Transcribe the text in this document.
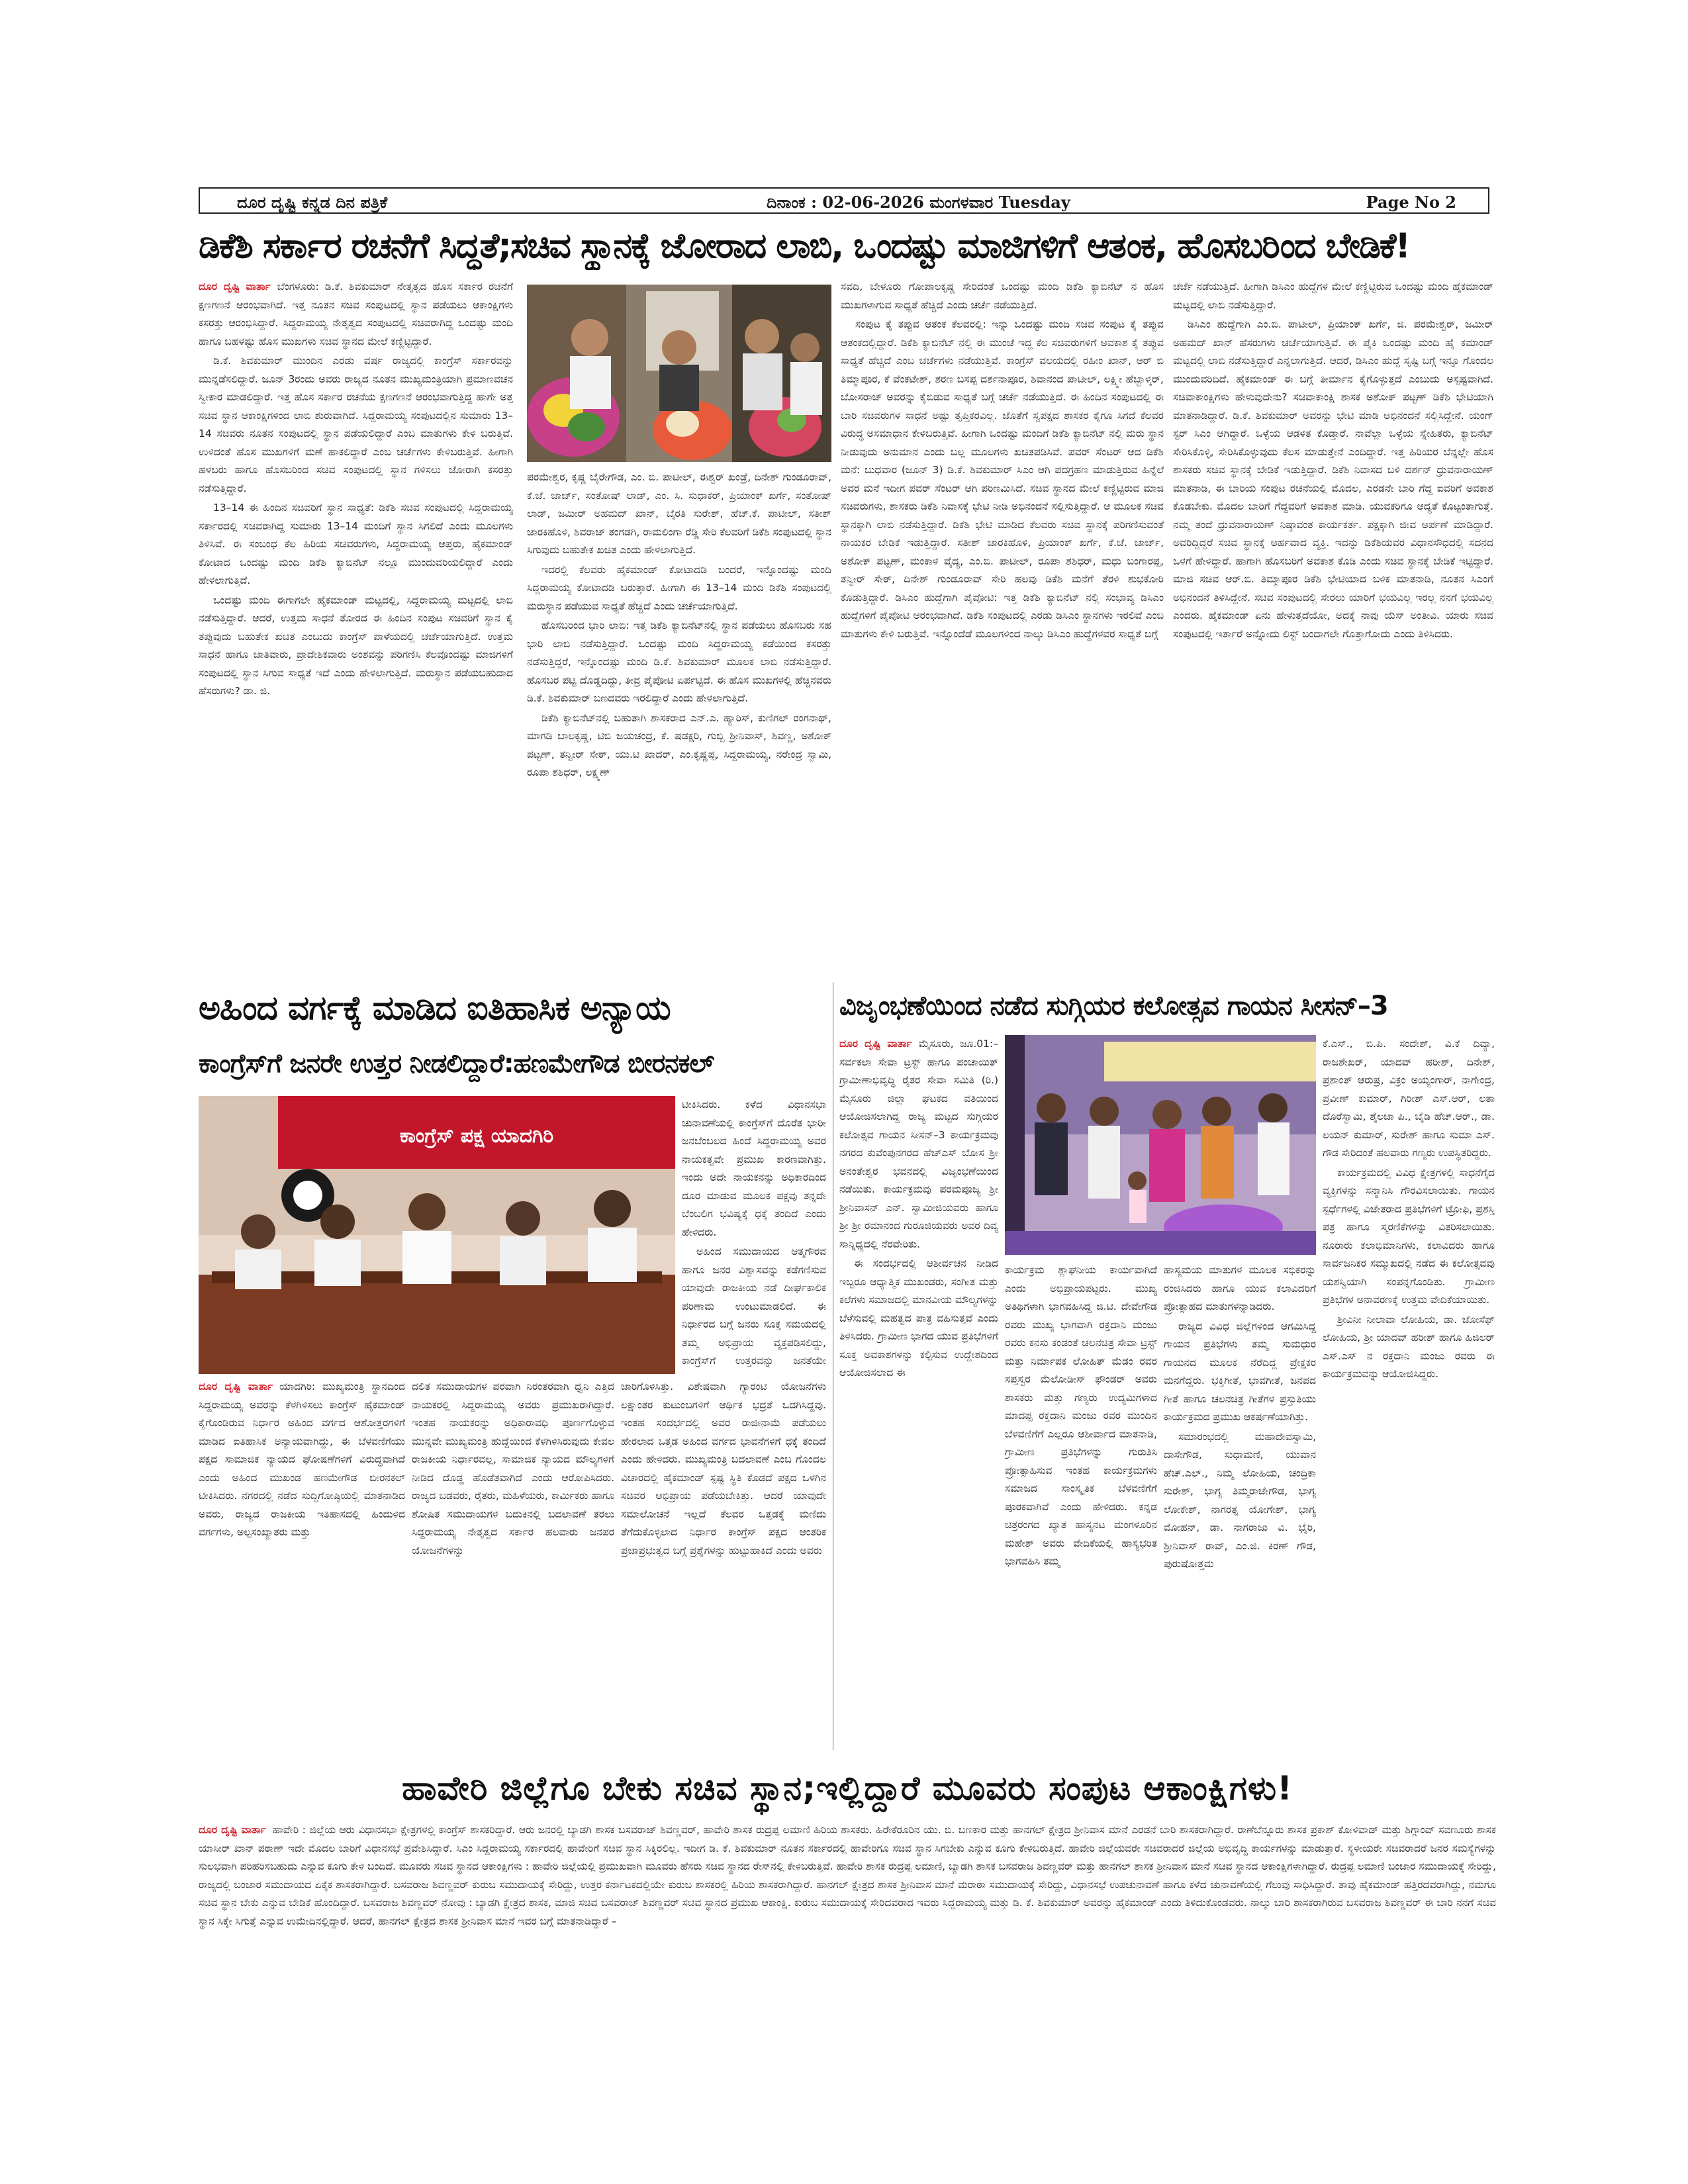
ದೂರ ದೃಷ್ಟಿ ಕನ್ನಡ ದಿನ ಪತ್ರಿಕೆ	ದಿನಾಂಕ : 02-06-2026 ಮಂಗಳವಾರ Tuesday	Page No 2
ಡಿಕೆಶಿ ಸರ್ಕಾರ ರಚನೆಗೆ ಸಿದ್ಧತೆ;ಸಚಿವ ಸ್ಥಾನಕ್ಕೆ ಜೋರಾದ ಲಾಬಿ, ಒಂದಷ್ಟು ಮಾಜಿಗಳಿಗೆ ಆತಂಕ, ಹೊಸಬರಿಂದ ಬೇಡಿಕೆ!

ದೂರ ದೃಷ್ಟಿ ವಾರ್ತಾ ಬೆಂಗಳೂರು: ಡಿ.ಕೆ. ಶಿವಕುಮಾರ್ ನೇತೃತ್ವದ ಹೊಸ ಸರ್ಕಾರ ರಚನೆಗೆ ಕ್ಷಣಗಣನೆ ಆರಂಭವಾಗಿದೆ. ಇತ್ತ ನೂತನ ಸಚಿವ ಸಂಪುಟದಲ್ಲಿ ಸ್ಥಾನ ಪಡೆಯಲು ಆಕಾಂಕ್ಷಿಗಳು ಕಸರತ್ತು ಆರಂಭಿಸಿದ್ದಾರೆ. ಸಿದ್ದರಾಮಯ್ಯ ನೇತೃತ್ವದ ಸಂಪುಟದಲ್ಲಿ ಸಚಿವರಾಗಿದ್ದ ಒಂದಷ್ಟು ಮಂದಿ ಹಾಗೂ ಬಹಳಷ್ಟು ಹೊಸ ಮುಖಗಳು ಸಚಿವ ಸ್ಥಾನದ ಮೇಲೆ ಕಣ್ಣಿಟ್ಟಿದ್ದಾರೆ.

ಡಿ.ಕೆ. ಶಿವಕುಮಾರ್ ಮುಂದಿನ ಎರಡು ವರ್ಷ ರಾಜ್ಯದಲ್ಲಿ ಕಾಂಗ್ರೆಸ್ ಸರ್ಕಾರವನ್ನು ಮುನ್ನಡೆಸಲಿದ್ದಾರೆ. ಜೂನ್ 3ರಂದು ಅವರು ರಾಜ್ಯದ ನೂತನ ಮುಖ್ಯಮಂತ್ರಿಯಾಗಿ ಪ್ರಮಾಣವಚನ ಸ್ವೀಕಾರ ಮಾಡಲಿದ್ದಾರೆ. ಇತ್ತ ಹೊಸ ಸರ್ಕಾರ ರಚನೆಯ ಕ್ಷಣಗಣನೆ ಆರಂಭವಾಗುತ್ತಿದ್ದ ಹಾಗೇ ಅತ್ತ ಸಚಿವ ಸ್ಥಾನ ಆಕಾಂಕ್ಷಿಗಳಿಂದ ಲಾಬಿ ಶುರುವಾಗಿದೆ. ಸಿದ್ದರಾಮಯ್ಯ ಸಂಪುಟದಲ್ಲಿನ ಸುಮಾರು 13–14 ಸಚಿವರು ನೂತನ ಸಂಪುಟದಲ್ಲಿ ಸ್ಥಾನ ಪಡೆಯಲಿದ್ದಾರೆ ಎಂಬ ಮಾತುಗಳು ಕೇಳಿ ಬರುತ್ತಿವೆ. ಉಳಿದಂತೆ ಹೊಸ ಮುಖಗಳಿಗೆ ಮಣೆ ಹಾಕಲಿದ್ದಾರೆ ಎಂಬ ಚರ್ಚೆಗಳು ಕೇಳಿಬರುತ್ತಿವೆ. ಹೀಗಾಗಿ ಹಳಬರು ಹಾಗೂ ಹೊಸಬರಿಂದ ಸಚಿವ ಸಂಪುಟದಲ್ಲಿ ಸ್ಥಾನ ಗಳಿಸಲು ಜೋರಾಗಿ ಕಸರತ್ತು ನಡೆಸುತ್ತಿದ್ದಾರೆ.

13–14 ಈ ಹಿಂದಿನ ಸಚಿವರಿಗೆ ಸ್ಥಾನ ಸಾಧ್ಯತೆ: ಡಿಕೆಶಿ ಸಚಿವ ಸಂಪುಟದಲ್ಲಿ ಸಿದ್ದರಾಮಯ್ಯ ಸರ್ಕಾರದಲ್ಲಿ ಸಚಿವರಾಗಿದ್ದ ಸುಮಾರು 13–14 ಮಂದಿಗೆ ಸ್ಥಾನ ಸಿಗಲಿದೆ ಎಂದು ಮೂಲಗಳು ತಿಳಿಸಿವೆ. ಈ ಸಂಬಂಧ ಕೆಲ ಹಿರಿಯ ಸಚಿವರುಗಳು, ಸಿದ್ದರಾಮಯ್ಯ ಆಪ್ತರು, ಹೈಕಮಾಂಡ್ ಕೋಟಾದ ಒಂದಷ್ಟು ಮಂದಿ ಡಿಕೆಶಿ ಕ್ಯಾಬಿನೆಟ್ ನಲ್ಲೂ ಮುಂದುವರಿಯಲಿದ್ದಾರೆ ಎಂದು ಹೇಳಲಾಗುತ್ತಿದೆ.

ಒಂದಷ್ಟು ಮಂದಿ ಈಗಾಗಲೇ ಹೈಕಮಾಂಡ್ ಮಟ್ಟದಲ್ಲಿ, ಸಿದ್ದರಾಮಯ್ಯ ಮಟ್ಟದಲ್ಲಿ ಲಾಬಿ ನಡೆಸುತ್ತಿದ್ದಾರೆ. ಆದರೆ, ಉತ್ತಮ ಸಾಧನೆ ತೋರದ ಈ ಹಿಂದಿನ ಸಂಪುಟ ಸಚಿವರಿಗೆ ಸ್ಥಾನ ಕೈ ತಪ್ಪುವುದು ಬಹುತೇಕ ಖಚಿತ ಎಂಬುದು ಕಾಂಗ್ರೆಸ್ ಪಾಳೆಯದಲ್ಲಿ ಚರ್ಚೆಯಾಗುತ್ತಿದೆ. ಉತ್ತಮ ಸಾಧನೆ ಹಾಗೂ ಜಾತಿವಾರು, ಪ್ರಾದೇಶಿಕವಾರು ಅಂಶವನ್ನು ಪರಿಗಣಿಸಿ ಕೆಲವೊಂದಷ್ಟು ಮಾಜಿಗಳಿಗೆ ಸಂಪುಟದಲ್ಲಿ ಸ್ಥಾನ ಸಿಗುವ ಸಾಧ್ಯತೆ ಇದೆ ಎಂದು ಹೇಳಲಾಗುತ್ತಿದೆ. ಮರುಸ್ಥಾನ ಪಡೆಯಬಹುದಾದ ಹೆಸರುಗಳು? ಡಾ. ಜಿ.

ಪರಮೇಶ್ವರ, ಕೃಷ್ಣ ಬೈರೇಗೌಡ, ಎಂ. ಬಿ. ಪಾಟೀಲ್, ಈಶ್ವರ್ ಖಂಡ್ರೆ, ದಿನೇಶ್ ಗುಂಡೂರಾವ್, ಕೆ.ಜೆ. ಜಾರ್ಜ್, ಸಂತೋಷ್ ಲಾಡ್, ಎಂ. ಸಿ. ಸುಧಾಕರ್, ಪ್ರಿಯಾಂಕ್ ಖರ್ಗೆ, ಸಂತೋಷ್ ಲಾಡ್, ಜಮೀರ್ ಅಹಮದ್ ಖಾನ್, ಬೈರತಿ ಸುರೇಶ್, ಹೆಚ್.ಕೆ. ಪಾಟೀಲ್, ಸತೀಶ್ ಜಾರಕಿಹೊಳಿ, ಶಿವರಾಜ್ ತಂಗಡಗಿ, ರಾಮಲಿಂಗಾ ರೆಡ್ಡಿ ಸೇರಿ ಕೆಲವರಿಗೆ ಡಿಕೆಶಿ ಸಂಪುಟದಲ್ಲಿ ಸ್ಥಾನ ಸಿಗುವುದು ಬಹುತೇಕ ಖಚಿತ ಎಂದು ಹೇಳಲಾಗುತ್ತಿದೆ.

ಇದರಲ್ಲಿ ಕೆಲವರು ಹೈಕಮಾಂಡ್ ಕೋಟಾದಡಿ ಬಂದರೆ, ಇನ್ನೊಂದಷ್ಟು ಮಂದಿ ಸಿದ್ದರಾಮಯ್ಯ ಕೋಟಾದಡಿ ಬರುತ್ತಾರೆ. ಹೀಗಾಗಿ ಈ 13–14 ಮಂದಿ ಡಿಕೆಶಿ ಸಂಪುಟದಲ್ಲಿ ಮರುಸ್ಥಾನ ಪಡೆಯುವ ಸಾಧ್ಯತೆ ಹೆಚ್ಚಿದೆ ಎಂದು ಚರ್ಚೆಯಾಗುತ್ತಿದೆ.

ಹೊಸಬರಿಂದ ಭಾರಿ ಲಾಬಿ: ಇತ್ತ ಡಿಕೆಶಿ ಕ್ಯಾಬಿನೆಟ್‌ನಲ್ಲಿ ಸ್ಥಾನ ಪಡೆಯಲು ಹೊಸಬರು ಸಹ ಭಾರಿ ಲಾಬಿ ನಡೆಸುತ್ತಿದ್ದಾರೆ. ಒಂದಷ್ಟು ಮಂದಿ ಸಿದ್ದರಾಮಯ್ಯ ಕಡೆಯಿಂದ ಕಸರತ್ತು ನಡೆಸುತ್ತಿದ್ದರೆ, ಇನ್ನೊಂದಷ್ಟು ಮಂದಿ ಡಿ.ಕೆ. ಶಿವಕುಮಾರ್ ಮೂಲಕ ಲಾಬಿ ನಡೆಸುತ್ತಿದ್ದಾರೆ. ಹೊಸಬರ ಪಟ್ಟಿ ದೊಡ್ಡದಿದ್ದು, ತೀವ್ರ ಪೈಪೋಟಿ ಏರ್ಪಟ್ಟಿದೆ. ಈ ಹೊಸ ಮುಖಗಳಲ್ಲಿ ಹೆಚ್ಚಿನವರು ಡಿ.ಕೆ. ಶಿವಕುಮಾರ್ ಬಣದವರು ಇರಲಿದ್ದಾರೆ ಎಂದು ಹೇಳಲಾಗುತ್ತಿದೆ.

ಡಿಕೆಶಿ ಕ್ಯಾಬಿನೆಟ್‌ನಲ್ಲಿ ಬಹುತಾಗಿ ಶಾಸಕರಾದ ಎನ್.ಎ. ಹ್ಯಾರಿಸ್, ಕುಣಿಗಲ್ ರಂಗನಾಥ್, ಮಾಗಡಿ ಬಾಲಕೃಷ್ಣ, ಟಿಬಿ ಜಯಚಂದ್ರ, ಕೆ. ಷಡಕ್ಷರಿ, ಗುಬ್ಬಿ ಶ್ರೀನಿವಾಸ್, ಶಿವಣ್ಣ, ಅಶೋಕ್ ಪಟ್ಟಣ್, ತನ್ವೀರ್ ಸೇಠ್, ಯು.ಟಿ ಖಾದರ್, ಎಂ.ಕೃಷ್ಣಪ್ಪ, ಸಿದ್ದರಾಮಯ್ಯ, ನರೇಂದ್ರ ಸ್ವಾಮಿ, ರೂಪಾ ಶಶಿಧರ್, ಲಕ್ಷ್ಮಣ್

ಸವದಿ, ಬೇಳೂರು ಗೋಪಾಲಕೃಷ್ಣ ಸೇರಿದಂತೆ ಒಂದಷ್ಟು ಮಂದಿ ಡಿಕೆಶಿ ಕ್ಯಾಬಿನೆಟ್ ನ ಹೊಸ ಮುಖಗಳಾಗುವ ಸಾಧ್ಯತೆ ಹೆಚ್ಚಿದೆ ಎಂದು ಚರ್ಚೆ ನಡೆಯುತ್ತಿದೆ.

ಸಂಪುಟ ಕೈ ತಪ್ಪುವ ಆತಂಕ ಕೆಲವರಲ್ಲಿ: ಇನ್ನು ಒಂದಷ್ಟು ಮಂದಿ ಸಚಿವ ಸಂಪುಟ ಕೈ ತಪ್ಪುವ ಆತಂಕದಲ್ಲಿದ್ದಾರೆ. ಡಿಕೆಶಿ ಕ್ಯಾಬಿನೆಟ್ ನಲ್ಲಿ ಈ ಮುಂಚೆ ಇದ್ದ ಕೆಲ ಸಚಿವರುಗಳಿಗೆ ಅವಕಾಶ ಕೈ ತಪ್ಪುವ ಸಾಧ್ಯತೆ ಹೆಚ್ಚಿದೆ ಎಂಬ ಚರ್ಚೆಗಳು ನಡೆಯುತ್ತಿವೆ. ಕಾಂಗ್ರೆಸ್ ವಲಯದಲ್ಲಿ ರಹೀಂ ಖಾನ್, ಆರ್ ಬಿ ತಿಮ್ಮಾಪೂರ, ಕೆ ವೆಂಕಟೇಶ್, ಶರಣ ಬಸಪ್ಪ ದರ್ಶನಾಪೂರ, ಶಿವಾನಂದ ಪಾಟೀಲ್, ಲಕ್ಷ್ಮೀ ಹೆಬ್ಬಾಳ್ಕರ್, ಬೋಸರಾಜ್ ಅವರನ್ನು ಕೈಬಿಡುವ ಸಾಧ್ಯತೆ ಬಗ್ಗೆ ಚರ್ಚೆ ನಡೆಯುತ್ತಿದೆ. ಈ ಹಿಂದಿನ ಸಂಪುಟದಲ್ಲಿ ಈ ಬಾರಿ ಸಚಿವರುಗಳ ಸಾಧನೆ ಅಷ್ಟು ತೃಪ್ತಿಕರವಿಲ್ಲ. ಜೊತೆಗೆ ಸ್ವಪಕ್ಷದ ಶಾಸಕರ ಕೈಗೂ ಸಿಗದೆ ಕೆಲವರ ವಿರುದ್ಧ ಅಸಮಾಧಾನ ಕೇಳಿಬರುತ್ತಿವೆ. ಹೀಗಾಗಿ ಒಂದಷ್ಟು ಮಂದಿಗೆ ಡಿಕೆಶಿ ಕ್ಯಾಬಿನೆಟ್ ನಲ್ಲಿ ಮರು ಸ್ಥಾನ ನೀಡುವುದು ಅನುಮಾನ ಎಂದು ಬಲ್ಲ ಮೂಲಗಳು ಖಚಿತಪಡಿಸಿವೆ. ಪವರ್ ಸೆಂಟರ್ ಆದ ಡಿಕೆಶಿ ಮನೆ: ಬುಧವಾರ (ಜೂನ್ 3) ಡಿ.ಕೆ. ಶಿವಕುಮಾರ್ ಸಿಎಂ ಆಗಿ ಪದಗ್ರಹಣ ಮಾಡುತ್ತಿರುವ ಹಿನ್ನೆಲೆ ಅವರ ಮನೆ ಇದೀಗ ಪವರ್ ಸೆಂಟರ್ ಆಗಿ ಪರಿಣಮಿಸಿದೆ. ಸಚಿವ ಸ್ಥಾನದ ಮೇಲೆ ಕಣ್ಣಿಟ್ಟಿರುವ ಮಾಜಿ ಸಚಿವರುಗಳು, ಶಾಸಕರು ಡಿಕೆಶಿ ನಿವಾಸಕ್ಕೆ ಭೇಟಿ ನೀಡಿ ಅಭಿನಂದನೆ ಸಲ್ಲಿಸುತ್ತಿದ್ದಾರೆ. ಆ ಮೂಲಕ ಸಚಿವ ಸ್ಥಾನಕ್ಕಾಗಿ ಲಾಬಿ ನಡೆಸುತ್ತಿದ್ದಾರೆ. ಡಿಕೆಶಿ ಭೇಟಿ ಮಾಡಿದ ಕೆಲವರು ಸಚಿವ ಸ್ಥಾನಕ್ಕೆ ಪರಿಗಣಿಸುವಂತೆ ನಾಯಕರ ಬೇಡಿಕೆ ಇಡುತ್ತಿದ್ದಾರೆ. ಸತೀಶ್ ಜಾರಕಿಹೊಳಿ, ಪ್ರಿಯಾಂಕ್ ಖರ್ಗೆ, ಕೆ.ಜೆ. ಜಾರ್ಜ್, ಅಶೋಕ್ ಪಟ್ಟಣ್, ಮಂಕಾಳ ವೈದ್ಯ, ಎಂ.ಬಿ. ಪಾಟೀಲ್, ರೂಪಾ ಶಶಿಧರ್, ಮಧು ಬಂಗಾರಪ್ಪ, ತನ್ವೀರ್ ಸೇಠ್, ದಿನೇಶ್ ಗುಂಡೂರಾವ್ ಸೇರಿ ಹಲವು ಡಿಕೆಶಿ ಮನೆಗೆ ತೆರಳಿ ಶುಭಕೋರಿ ಕೊಡುತ್ತಿದ್ದಾರೆ. ಡಿಸಿಎಂ ಹುದ್ದೆಗಾಗಿ ಪೈಪೋಟಿ: ಇತ್ತ ಡಿಕೆಶಿ ಕ್ಯಾಬಿನೆಟ್ ನಲ್ಲಿ ಸಂಭಾವ್ಯ ಡಿಸಿಎಂ ಹುದ್ದೆಗಳಿಗೆ ಪೈಪೋಟಿ ಆರಂಭವಾಗಿದೆ. ಡಿಕೆಶಿ ಸಂಪುಟದಲ್ಲಿ ಎರಡು ಡಿಸಿಎಂ ಸ್ಥಾನಗಳು ಇರಲಿವೆ ಎಂಬ ಮಾತುಗಳು ಕೇಳಿ ಬರುತ್ತಿವೆ. ಇನ್ನೊಂದೆಡೆ ಮೂಲಗಳಿಂದ ನಾಲ್ಕು ಡಿಸಿಎಂ ಹುದ್ದೆಗಳವರ ಸಾಧ್ಯತೆ ಬಗ್ಗೆ

ಚರ್ಚೆ ನಡೆಯುತ್ತಿದೆ. ಹೀಗಾಗಿ ಡಿಸಿಎಂ ಹುದ್ದೆಗಳ ಮೇಲೆ ಕಣ್ಣಿಟ್ಟಿರುವ ಒಂದಷ್ಟು ಮಂದಿ ಹೈಕಮಾಂಡ್ ಮಟ್ಟದಲ್ಲಿ ಲಾಬಿ ನಡೆಸುತ್ತಿದ್ದಾರೆ.

ಡಿಸಿಎಂ ಹುದ್ದೆಗಾಗಿ ಎಂ.ಬಿ. ಪಾಟೀಲ್, ಪ್ರಿಯಾಂಕ್ ಖರ್ಗೆ, ಜಿ. ಪರಮೇಶ್ವರ್, ಜಮೀರ್ ಅಹಮದ್ ಖಾನ್ ಹೆಸರುಗಳು ಚರ್ಚೆಯಾಗುತ್ತಿವೆ. ಈ ಪೈಕಿ ಒಂದಷ್ಟು ಮಂದಿ ಹೈ ಕಮಾಂಡ್ ಮಟ್ಟದಲ್ಲಿ ಲಾಬಿ ನಡೆಸುತ್ತಿದ್ದಾರೆ ಎನ್ನಲಾಗುತ್ತಿದೆ. ಆದರೆ, ಡಿಸಿಎಂ ಹುದ್ದೆ ಸೃಷ್ಟಿ ಬಗ್ಗೆ ಇನ್ನೂ ಗೊಂದಲ ಮುಂದುವರಿದಿದೆ. ಹೈಕಮಾಂಡ್ ಈ ಬಗ್ಗೆ ತೀರ್ಮಾನ ಕೈಗೊಳ್ಳುತ್ತದೆ ಎಂಬುದು ಅಸ್ಪಷ್ಟವಾಗಿದೆ. ಸಚಿವಾಕಾಂಕ್ಷಿಗಳು ಹೇಳುವುದೇನು? ಸಚಿವಾಕಾಂಕ್ಷಿ ಶಾಸಕ ಅಶೋಕ್ ಪಟ್ಟಣ್ ಡಿಕೆಶಿ ಭೇಟಿಯಾಗಿ ಮಾತನಾಡಿದ್ದಾರೆ. ಡಿ.ಕೆ. ಶಿವಕುಮಾರ್ ಅವರನ್ನು ಭೇಟಿ ಮಾಡಿ ಅಭಿನಂದನೆ ಸಲ್ಲಿಸಿದ್ದೇನೆ. ಯಂಗ್ ಸ್ಟರ್ ಸಿಎಂ ಆಗಿದ್ದಾರೆ. ಒಳ್ಳೆಯ ಆಡಳಿತ ಕೊಡ್ತಾರೆ. ನಾವೆಲ್ಲಾ ಒಳ್ಳೆಯ ಸ್ನೇಹಿತರು, ಕ್ಯಾಬಿನೆಟ್ ಸೇರಿಸಿಕೊಳ್ಳಿ, ಸೇರಿಸಿಕೊಳ್ಳುವುದು ಕೆಲಸ ಮಾಡುತ್ತೇನೆ ಎಂದಿದ್ದಾರೆ. ಇತ್ತ ಹಿರಿಯರ ಬೆನ್ನಲ್ಲೇ ಹೊಸ ಶಾಸಕರು ಸಚಿವ ಸ್ಥಾನಕ್ಕೆ ಬೇಡಿಕೆ ಇಡುತ್ತಿದ್ದಾರೆ. ಡಿಕೆಶಿ ನಿವಾಸದ ಬಳಿ ದರ್ಶನ್ ಧ್ರುವನಾರಾಯಣ್ ಮಾತನಾಡಿ, ಈ ಬಾರಿಯ ಸಂಪುಟ ರಚನೆಯಲ್ಲಿ ಮೊದಲ, ಎರಡನೇ ಬಾರಿ ಗೆದ್ದ ಐವರಿಗೆ ಅವಕಾಶ ಕೊಡಬೇಕು. ಮೊದಲ ಬಾರಿಗೆ ಗೆದ್ದವರಿಗೆ ಅವಕಾಶ ಮಾಡಿ. ಯುವಕರಿಗೂ ಆದ್ಯತೆ ಕೊಟ್ಟಂತಾಗುತ್ತೆ. ನಮ್ಮ ತಂದೆ ಧ್ರುವನಾರಾಯಣ್ ನಿಷ್ಠಾವಂತ ಕಾರ್ಯಕರ್ತ. ಪಕ್ಷಕ್ಕಾಗಿ ಜೀವ ಅರ್ಪಣೆ ಮಾಡಿದ್ದಾರೆ. ಅವರಿದ್ದಿದ್ದರೆ ಸಚಿವ ಸ್ಥಾನಕ್ಕೆ ಅರ್ಹವಾದ ವ್ಯಕ್ತಿ. ಇದನ್ನು ಡಿಕೆಶಿಯವರ ವಿಧಾನಸೌಧದಲ್ಲಿ ಸದನದ ಒಳಗೆ ಹೇಳಿದ್ದಾರೆ. ಹಾಗಾಗಿ ಹೊಸಬರಿಗೆ ಅವಕಾಶ ಕೊಡಿ ಎಂದು ಸಚಿವ ಸ್ಥಾನಕ್ಕೆ ಬೇಡಿಕೆ ಇಟ್ಟಿದ್ದಾರೆ. ಮಾಜಿ ಸಚಿವ ಆರ್.ಬಿ. ತಿಮ್ಮಾಪೂರ ಡಿಕೆಶಿ ಭೇಟಿಯಾದ ಬಳಿಕ ಮಾತನಾಡಿ, ನೂತನ ಸಿಎಂಗೆ ಅಭಿನಂದನೆ ತಿಳಿಸಿದ್ದೇನೆ. ಸಚಿವ ಸಂಪುಟದಲ್ಲಿ ಸೇರಲು ಯಾರಿಗೆ ಭಯವಿಲ್ಲ ಇರಲ್ಲ ನನಗೆ ಭಯವಿಲ್ಲ ಎಂದರು. ಹೈಕಮಾಂಡ್ ಏನು ಹೇಳುತ್ತದೆಯೋ, ಅದಕ್ಕೆ ನಾವು ಯೆಸ್ ಅಂತೀವಿ. ಯಾರು ಸಚಿವ ಸಂಪುಟದಲ್ಲಿ ಇರ್ತಾರೆ ಅನ್ನೋದು ಲಿಸ್ಟ್ ಬಂದಾಗಲೇ ಗೊತ್ತಾಗೋದು ಎಂದು ತಿಳಿಸಿದರು.

ಅಹಿಂದ ವರ್ಗಕ್ಕೆ ಮಾಡಿದ ಐತಿಹಾಸಿಕ ಅನ್ಯಾಯ
ಕಾಂಗ್ರೆಸ್‌ಗೆ ಜನರೇ ಉತ್ತರ ನೀಡಲಿದ್ದಾರೆ:ಹಣಮೇಗೌಡ ಬೀರನಕಲ್
ಕಾಂಗ್ರೆಸ್ ಪಕ್ಷ ಯಾದಗಿರಿ

ಟೀಕಿಸಿದರು. ಕಳೆದ ವಿಧಾನಸಭಾ ಚುನಾವಣೆಯಲ್ಲಿ ಕಾಂಗ್ರೆಸ್‌ಗೆ ದೊರೆತ ಭಾರೀ ಜನಬೆಂಬಲದ ಹಿಂದೆ ಸಿದ್ದರಾಮಯ್ಯ ಅವರ ನಾಯಕತ್ವವೇ ಪ್ರಮುಖ ಕಾರಣವಾಗಿತ್ತು. ಇಂದು ಅದೇ ನಾಯಕನನ್ನು ಅಧಿಕಾರದಿಂದ ದೂರ ಮಾಡುವ ಮೂಲಕ ಪಕ್ಷವು ತನ್ನದೇ ಬೆಂಬಲಿಗ ಭವಿಷ್ಯಕ್ಕೆ ಧಕ್ಕೆ ತಂದಿದೆ ಎಂದು ಹೇಳಿದರು.

ಅಹಿಂದ ಸಮುದಾಯದ ಆತ್ಮಗೌರವ ಹಾಗೂ ಜನರ ವಿಶ್ವಾಸವನ್ನು ಕಡೆಗಣಿಸುವ ಯಾವುದೇ ರಾಜಕೀಯ ನಡೆ ದೀರ್ಘಕಾಲಿಕ ಪರಿಣಾಮ ಉಂಟುಮಾಡಲಿದೆ. ಈ ನಿರ್ಧಾರದ ಬಗ್ಗೆ ಜನರು ಸೂಕ್ತ ಸಮಯದಲ್ಲಿ ತಮ್ಮ ಅಭಿಪ್ರಾಯ ವ್ಯಕ್ತಪಡಿಸಲಿದ್ದು, ಕಾಂಗ್ರೆಸ್‌ಗೆ ಉತ್ತರವನ್ನು ಜನತೆಯೇ

ದೂರ ದೃಷ್ಟಿ ವಾರ್ತಾ ಯಾದಗಿರಿ: ಮುಖ್ಯಮಂತ್ರಿ ಸ್ಥಾನದಿಂದ ಸಿದ್ದರಾಮಯ್ಯ ಅವರನ್ನು ಕೆಳಗಿಳಿಸಲು ಕಾಂಗ್ರೆಸ್ ಹೈಕಮಾಂಡ್ ಕೈಗೊಂಡಿರುವ ನಿರ್ಧಾರ ಅಹಿಂದ ವರ್ಗದ ಆಶೋತ್ತರಗಳಿಗೆ ಮಾಡಿದ ಐತಿಹಾಸಿಕ ಅನ್ಯಾಯವಾಗಿದ್ದು, ಈ ಬೆಳವಣಿಗೆಯು ಪಕ್ಷದ ಸಾಮಾಜಿಕ ನ್ಯಾಯದ ಘೋಷಣೆಗಳಿಗೆ ವಿರುದ್ಧವಾಗಿದೆ ಎಂದು ಅಹಿಂದ ಮುಖಂಡ ಹಣಮೇಗೌಡ ಬೀರನಕಲ್ ಟೀಕಿಸಿದರು. ನಗರದಲ್ಲಿ ನಡೆದ ಸುದ್ದಿಗೋಷ್ಠಿಯಲ್ಲಿ ಮಾತನಾಡಿದ ಅವರು, ರಾಜ್ಯದ ರಾಜಕೀಯ ಇತಿಹಾಸದಲ್ಲಿ ಹಿಂದುಳಿದ ವರ್ಗಗಳು, ಅಲ್ಪಸಂಖ್ಯಾತರು ಮತ್ತು

ದಲಿತ ಸಮುದಾಯಗಳ ಪರವಾಗಿ ನಿರಂತರವಾಗಿ ಧ್ವನಿ ಎತ್ತಿದ ನಾಯಕರಲ್ಲಿ ಸಿದ್ದರಾಮಯ್ಯ ಅವರು ಪ್ರಮುಖರಾಗಿದ್ದಾರೆ. ಇಂತಹ ನಾಯಕರನ್ನು ಅಧಿಕಾರಾವಧಿ ಪೂರ್ಣಗೊಳ್ಳುವ ಮುನ್ನವೇ ಮುಖ್ಯಮಂತ್ರಿ ಹುದ್ದೆಯಿಂದ ಕೆಳಗಿಳಿಸಿರುವುದು ಕೇವಲ ರಾಜಕೀಯ ನಿರ್ಧಾರವಲ್ಲ, ಸಾಮಾಜಿಕ ನ್ಯಾಯದ ಮೌಲ್ಯಗಳಿಗೆ ನೀಡಿದ ದೊಡ್ಡ ಹೊಡೆತವಾಗಿದೆ ಎಂದು ಆರೋಪಿಸಿದರು. ರಾಜ್ಯದ ಬಡವರು, ರೈತರು, ಮಹಿಳೆಯರು, ಕಾರ್ಮಿಕರು ಹಾಗೂ ಶೋಷಿತ ಸಮುದಾಯಗಳ ಬದುಕಿನಲ್ಲಿ ಬದಲಾವಣೆ ತರಲು ಸಿದ್ದರಾಮಯ್ಯ ನೇತೃತ್ವದ ಸರ್ಕಾರ ಹಲವಾರು ಜನಪರ ಯೋಜನೆಗಳನ್ನು

ಜಾರಿಗೊಳಿಸಿತ್ತು. ವಿಶೇಷವಾಗಿ ಗ್ಯಾರಂಟಿ ಯೋಜನೆಗಳು ಲಕ್ಷಾಂತರ ಕುಟುಂಬಗಳಿಗೆ ಆರ್ಥಿಕ ಭದ್ರತೆ ಒದಗಿಸಿದ್ದವು. ಇಂತಹ ಸಂದರ್ಭದಲ್ಲಿ ಅವರ ರಾಜೀನಾಮೆ ಪಡೆಯಲು ಹೇರಲಾದ ಒತ್ತಡ ಅಹಿಂದ ವರ್ಗದ ಭಾವನೆಗಳಿಗೆ ಧಕ್ಕೆ ತಂದಿದೆ ಎಂದು ಹೇಳಿದರು. ಮುಖ್ಯಮಂತ್ರಿ ಬದಲಾವಣೆ ಎಂಬ ಗೊಂದಲ ವಿಚಾರದಲ್ಲಿ ಹೈಕಮಾಂಡ್ ಸ್ಪಷ್ಟ ಸ್ಥಿತಿ ಕೊಡದೆ ಪಕ್ಷದ ಒಳಗಿನ ಸಚಿವರ ಅಭಿಪ್ರಾಯ ಪಡೆಯಬೇಕಿತ್ತು. ಆದರೆ ಯಾವುದೇ ಸಮಾಲೋಚನೆ ಇಲ್ಲದೆ ಕೆಲವರ ಒತ್ತಡಕ್ಕೆ ಮಣಿದು ತೆಗೆದುಕೊಳ್ಳಲಾದ ನಿರ್ಧಾರ ಕಾಂಗ್ರೆಸ್ ಪಕ್ಷದ ಆಂತರಿಕ ಪ್ರಜಾಪ್ರಭುತ್ವದ ಬಗ್ಗೆ ಪ್ರಶ್ನೆಗಳನ್ನು ಹುಟ್ಟುಹಾಕಿದೆ ಎಂದು ಅವರು

ವಿಜೃಂಭಣೆಯಿಂದ ನಡೆದ ಸುಗ್ಗಿಯರ ಕಲೋತ್ಸವ ಗಾಯನ ಸೀಸನ್–3

ದೂರ ದೃಷ್ಟಿ ವಾರ್ತಾ ಮೈಸೂರು, ಜೂ.01:– ಸರ್ವಕಲಾ ಸೇವಾ ಟ್ರಸ್ಟ್ ಹಾಗೂ ಪಂಚಾಯಿತ್ ಗ್ರಾಮೀಣಾಭಿವೃದ್ಧಿ ರೈತರ ಸೇವಾ ಸಮಿತಿ (ರಿ.) ಮೈಸೂರು ಜಿಲ್ಲಾ ಘಟಕದ ವತಿಯಿಂದ ಆಯೋಜಿಸಲಾಗಿದ್ದ ರಾಜ್ಯ ಮಟ್ಟದ ಸುಗ್ಗಿಯರ ಕಲೋತ್ಸವ ಗಾಯನ ಸೀಸನ್–3 ಕಾರ್ಯಕ್ರಮವು ನಗರದ ಕುವೆಂಪುನಗರದ ಹೆಚ್‌ಎಸ್ ಬೋಸ ಶ್ರೀ ಅನಂತೇಶ್ವರ ಭವನದಲ್ಲಿ ವಿಜೃಂಭಣೆಯಿಂದ ನಡೆಯಿತು. ಕಾರ್ಯಕ್ರಮವು ಪರಮಪೂಜ್ಯ ಶ್ರೀ ಶ್ರೀನಿವಾಸನ್ ಎನ್. ಸ್ವಾಮೀಜಿಯವರು ಹಾಗೂ ಶ್ರೀ ಶ್ರೀ ರಮಾನಂದ ಗುರೂಜಿಯವರು ಅವರ ದಿವ್ಯ ಸಾನ್ನಿಧ್ಯದಲ್ಲಿ ನೆರವೇರಿತು.

ಈ ಸಂದರ್ಭದಲ್ಲಿ ಆಶೀರ್ವಚನ ನೀಡಿದ ಇಬ್ಬರೂ ಆಧ್ಯಾತ್ಮಿಕ ಮುಖಂಡರು, ಸಂಗೀತ ಮತ್ತು ಕಲೆಗಳು ಸಮಾಜದಲ್ಲಿ ಮಾನವೀಯ ಮೌಲ್ಯಗಳನ್ನು ಬೆಳೆಸುವಲ್ಲಿ ಮಹತ್ವದ ಪಾತ್ರ ವಹಿಸುತ್ತವೆ ಎಂದು ತಿಳಿಸಿದರು. ಗ್ರಾಮೀಣ ಭಾಗದ ಯುವ ಪ್ರತಿಭೆಗಳಿಗೆ ಸೂಕ್ತ ಅವಕಾಶಗಳನ್ನು ಕಲ್ಪಿಸುವ ಉದ್ದೇಶದಿಂದ ಆಯೋಜಿಸಲಾದ ಈ

ಕಾರ್ಯಕ್ರಮ ಶ್ಲಾಘನೀಯ ಕಾರ್ಯವಾಗಿದೆ ಎಂದು ಅಭಿಪ್ರಾಯಪಟ್ಟರು. ಮುಖ್ಯ ಅತಿಥಿಗಳಾಗಿ ಭಾಗವಹಿಸಿದ್ದ ಜಿ.ಟಿ. ದೇವೇಗೌಡ ರವರು ಮುಖ್ಯ ಭಾಗವಾಗಿ ರಕ್ತದಾನಿ ಮಂಜು ರವರು ಕನಸು ಕಂಡಂತೆ ಚಲನಚಿತ್ರ ಸೇವಾ ಟ್ರಸ್ಟ್ ಮತ್ತು ನಿರ್ಮಾಪಕ ಲೋಹಿತ್ ಮೆಡಂ ರವರ ಸಪ್ತಸ್ವರ ಮೆಲೋಡೀಸ್ ಫೌಂಡರ್ ಅವರು ಶಾಸಕರು ಮತ್ತು ಗಣ್ಯರು ಉದ್ಯಮಿಗಳಾದ ಮಾದಪ್ಪ ರಕ್ತದಾನಿ ಮಂಜು ರವರ ಮುಂದಿನ ಬೆಳವಣಿಗೆಗೆ ಎಲ್ಲರೂ ಆಶೀರ್ವಾದ ಮಾತನಾಡಿ, ಗ್ರಾಮೀಣ ಪ್ರತಿಭೆಗಳನ್ನು ಗುರುತಿಸಿ ಪ್ರೋತ್ಸಾಹಿಸುವ ಇಂತಹ ಕಾರ್ಯಕ್ರಮಗಳು ಸಮಾಜದ ಸಾಂಸ್ಕೃತಿಕ ಬೆಳವಣಿಗೆಗೆ ಪೂರಕವಾಗಿವೆ ಎಂದು ಹೇಳಿದರು. ಕನ್ನಡ ಚಿತ್ರರಂಗದ ಖ್ಯಾತ ಹಾಸ್ಯನಟ ಮಂಗಳೂರಿನ ಮಹೇಶ್ ಅವರು ವೇದಿಕೆಯಲ್ಲಿ ಹಾಸ್ಯಭರಿತ ಭಾಗವಹಿಸಿ ತಮ್ಮ

ಹಾಸ್ಯಮಯ ಮಾತುಗಳ ಮೂಲಕ ಸಭಿಕರನ್ನು ರಂಜಿಸಿದರು ಹಾಗೂ ಯುವ ಕಲಾವಿದರಿಗೆ ಪ್ರೋತ್ಸಾಹದ ಮಾತುಗಳನ್ನಾಡಿದರು.

ರಾಜ್ಯದ ವಿವಿಧ ಜಿಲ್ಲೆಗಳಿಂದ ಆಗಮಿಸಿದ್ದ ಗಾಯನ ಪ್ರತಿಭೆಗಳು ತಮ್ಮ ಸುಮಧುರ ಗಾಯನದ ಮೂಲಕ ನೆರೆದಿದ್ದ ಪ್ರೇಕ್ಷಕರ ಮನಗೆದ್ದರು. ಭಕ್ತಿಗೀತೆ, ಭಾವಗೀತೆ, ಜನಪದ ಗೀತೆ ಹಾಗೂ ಚಲನಚಿತ್ರ ಗೀತೆಗಳ ಪ್ರಸ್ತುತಿಯು ಕಾರ್ಯಕ್ರಮದ ಪ್ರಮುಖ ಆಕರ್ಷಣೆಯಾಗಿತ್ತು.

ಸಮಾರಂಭದಲ್ಲಿ ಮಹಾದೇವಸ್ವಾಮಿ, ದಾಸೇಗೌಡ, ಸುಧಾಮಣಿ, ಯುವಾನ ಹೆಚ್.ಎಲ್., ನಿಮ್ಮ ಲೋಹಿಯ, ಚಂದ್ರಿಕಾ ಸುರೇಶ್, ಭಾಗ್ಯ ತಿಮ್ಮರಾಜೇಗೌಡ, ಭಾಗ್ಯ ಲೋಕೇಶ್, ನಾಗರತ್ನ ಯೋಗೇಶ್, ಭಾಗ್ಯ ಮೋಹನ್, ಡಾ. ನಾಗರಾಜು ವಿ. ಭೈರಿ, ಶ್ರೀನಿವಾಸ್ ರಾವ್, ಎಂ.ಜಿ. ಕಿರಣ್ ಗೌಡ, ಪುರುಷೋತ್ತಮ

ಕೆ.ಎಸ್., ಬಿ.ಪಿ. ಸಂದೇಶ್, ವಿ.ಕೆ ದಿವ್ಯಾ, ರಾಜಶೇಖರ್, ಯಾದವ್ ಹರೀಶ್, ದಿನೇಶ್, ಪ್ರಶಾಂತ್ ಆರುಷ್ರ, ವಿಕ್ರಂ ಅಯ್ಯಂಗಾರ್, ನಾಗೇಂದ್ರ, ಪ್ರವೀಣ್ ಕುಮಾರ್, ಗಿರೀಶ್ ಎಸ್.ಆರ್, ಲತಾ ದೊರೆಸ್ವಾಮಿ, ಶೈಲಜಾ ಪಿ., ಬೈಡಿ ಹೆಚ್.ಆರ್., ಡಾ. ಲಯನ್ ಕುಮಾರ್, ಸುರೇಶ್ ಹಾಗೂ ಸುಮಾ ಎಸ್. ಗೌಡ ಸೇರಿದಂತೆ ಹಲವಾರು ಗಣ್ಯರು ಉಪಸ್ಥಿತರಿದ್ದರು.

ಕಾರ್ಯಕ್ರಮದಲ್ಲಿ ವಿವಿಧ ಕ್ಷೇತ್ರಗಳಲ್ಲಿ ಸಾಧನೆಗೈದ ವ್ಯಕ್ತಿಗಳನ್ನು ಸನ್ಮಾನಿಸಿ ಗೌರವಿಸಲಾಯಿತು. ಗಾಯನ ಸ್ಪರ್ಧೆಗಳಲ್ಲಿ ವಿಜೇತರಾದ ಪ್ರತಿಭೆಗಳಿಗೆ ಟ್ರೋಫಿ, ಪ್ರಶಸ್ತಿ ಪತ್ರ ಹಾಗೂ ಸ್ಮರಣಿಕೆಗಳನ್ನು ವಿತರಿಸಲಾಯಿತು. ನೂರಾರು ಕಲಾಭಿಮಾನಿಗಳು, ಕಲಾವಿದರು ಹಾಗೂ ಸಾರ್ವಜನಿಕರ ಸಮ್ಮುಖದಲ್ಲಿ ನಡೆದ ಈ ಕಲೋತ್ಸವವು ಯಶಸ್ವಿಯಾಗಿ ಸಂಪನ್ನಗೊಂಡಿತು. ಗ್ರಾಮೀಣ ಪ್ರತಿಭೆಗಳ ಅನಾವರಣಕ್ಕೆ ಉತ್ತಮ ವೇದಿಕೆಯಾಯಿತು.

ಶ್ರೀವಿನೀ ನೀಲಾವಾ ಲೋಹಿಯ, ಡಾ. ಜೋಸೆಫ್ ಲೋಹಿಯ, ಶ್ರೀ ಯಾದವ್ ಹರೀಶ್ ಹಾಗೂ ಹಿಜಿಲರ್ ಎಸ್.ಎಸ್ ನ ರಕ್ತದಾನಿ ಮಂಜು ರವರು ಈ ಕಾರ್ಯಕ್ರಮವನ್ನು ಆಯೋಜಿಸಿದ್ದರು.

ಹಾವೇರಿ ಜಿಲ್ಲೆಗೂ ಬೇಕು ಸಚಿವ ಸ್ಥಾನ;ಇಲ್ಲಿದ್ದಾರೆ ಮೂವರು ಸಂಪುಟ ಆಕಾಂಕ್ಷಿಗಳು!

ದೂರ ದೃಷ್ಟಿ ವಾರ್ತಾ ಹಾವೇರಿ : ಜಿಲ್ಲೆಯ ಆರು ವಿಧಾನಸಭಾ ಕ್ಷೇತ್ರಗಳಲ್ಲಿ ಕಾಂಗ್ರೆಸ್ ಶಾಸಕರಿದ್ದಾರೆ. ಆರು ಜನರಲ್ಲಿ ಬ್ಯಾಡಗಿ ಶಾಸಕ ಬಸವರಾಜ್ ಶಿವಣ್ಣವರ್, ಹಾವೇರಿ ಶಾಸಕ ರುದ್ರಪ್ಪ ಲಮಾಣಿ ಹಿರಿಯ ಶಾಸಕರು. ಹಿರೇಕೆರೂರಿನ ಯು. ಬಿ. ಬಣಕಾರ ಮತ್ತು ಹಾನಗಲ್ ಕ್ಷೇತ್ರದ ಶ್ರೀನಿವಾಸ ಮಾನೆ ಎರಡನೆ ಬಾರಿ ಶಾಸಕರಾಗಿದ್ದಾರೆ. ರಾಣೆಬೆನ್ನೂರು ಶಾಸಕ ಪ್ರಕಾಶ್ ಕೋಳಿವಾಡ್ ಮತ್ತು ಶಿಗ್ಗಾಂವ್ ಸವಣೂರು ಶಾಸಕ ಯಾಸೀರ್ ಖಾನ್ ಪಠಾಣ್ ಇದೇ ಮೊದಲ ಬಾರಿಗೆ ವಿಧಾನಸಭೆ ಪ್ರವೇಶಿಸಿದ್ದಾರೆ. ಸಿಎಂ ಸಿದ್ದರಾಮಯ್ಯ ಸರ್ಕಾರದಲ್ಲಿ ಹಾವೇರಿಗೆ ಸಚಿವ ಸ್ಥಾನ ಸಿಕ್ಕಿರಲಿಲ್ಲ. ಇದೀಗ ಡಿ. ಕೆ. ಶಿವಕುಮಾರ್ ನೂತನ ಸರ್ಕಾರದಲ್ಲಿ ಹಾವೇರಿಗೂ ಸಚಿವ ಸ್ಥಾನ ಸಿಗಬೇಕು ಎನ್ನುವ ಕೂಗು ಕೇಳಿಬರುತ್ತಿದೆ. ಹಾವೇರಿ ಜಿಲ್ಲೆಯವರೇ ಸಚಿವರಾದರೆ ಜಿಲ್ಲೆಯ ಅಭಿವೃದ್ಧಿ ಕಾರ್ಯಗಳನ್ನು ಮಾಡುತ್ತಾರೆ. ಸ್ಥಳೀಯರೇ ಸಚಿವರಾದರೆ ಜನರ ಸಮಸ್ಯೆಗಳನ್ನು ಸುಲಭವಾಗಿ ಪರಿಹರಿಸಬಹುದು ಎನ್ನುವ ಕೂಗು ಕೇಳಿ ಬಂದಿದೆ. ಮೂವರು ಸಚಿವ ಸ್ಥಾನದ ಆಕಾಂಕ್ಷಿಗಳು : ಹಾವೇರಿ ಜಿಲ್ಲೆಯಲ್ಲಿ ಪ್ರಮುಖವಾಗಿ ಮೂವರು ಹೆಸರು ಸಚಿವ ಸ್ಥಾನದ ರೇಸ್‌ನಲ್ಲಿ ಕೇಳಿಬರುತ್ತಿವೆ. ಹಾವೇರಿ ಶಾಸಕ ರುದ್ರಪ್ಪ ಲಮಾಣಿ, ಬ್ಯಾಡಗಿ ಶಾಸಕ ಬಸವರಾಜ ಶಿವಣ್ಣವರ್ ಮತ್ತು ಹಾನಗಲ್ ಶಾಸಕ ಶ್ರೀನಿವಾಸ ಮಾನೆ ಸಚಿವ ಸ್ಥಾನದ ಆಕಾಂಕ್ಷಿಗಳಾಗಿದ್ದಾರೆ. ರುದ್ರಪ್ಪ ಲಮಾಣಿ ಬಂಜಾರ ಸಮುದಾಯಕ್ಕೆ ಸೇರಿದ್ದು, ರಾಜ್ಯದಲ್ಲಿ ಬಂಜಾರ ಸಮುದಾಯದ ಏಕೈಕ ಶಾಸಕರಾಗಿದ್ದಾರೆ. ಬಸವರಾಜ ಶಿವಣ್ಣವರ್ ಕುರುಬ ಸಮುದಾಯಕ್ಕೆ ಸೇರಿದ್ದು, ಉತ್ತರ ಕರ್ನಾಟಕದಲ್ಲಿಯೇ ಕುರುಬ ಶಾಸಕರಲ್ಲಿ ಹಿರಿಯ ಶಾಸಕರಾಗಿದ್ದಾರೆ. ಹಾನಗಲ್ ಕ್ಷೇತ್ರದ ಶಾಸಕ ಶ್ರೀನಿವಾಸ ಮಾನೆ ಮರಾಠಾ ಸಮುದಾಯಕ್ಕೆ ಸೇರಿದ್ದು, ವಿಧಾನಸಭೆ ಉಪಚುನಾವಣೆ ಹಾಗೂ ಕಳೆದ ಚುನಾವಣೆಯಲ್ಲಿ ಗೆಲುವು ಸಾಧಿಸಿದ್ದಾರೆ. ತಾವು ಹೈಕಮಾಂಡ್ ಹತ್ತಿರದವರಾಗಿದ್ದು, ನಮಗೂ ಸಚಿವ ಸ್ಥಾನ ಬೇಕು ಎನ್ನುವ ಬೇಡಿಕೆ ಹೊಂದಿದ್ದಾರೆ. ಬಸವರಾಜ ಶಿವಣ್ಣವರ್ ನೋವು : ಬ್ಯಾಡಗಿ ಕ್ಷೇತ್ರದ ಶಾಸಕ, ಮಾಜಿ ಸಚಿವ ಬಸವರಾಜ್ ಶಿವಣ್ಣವರ್ ಸಚಿವ ಸ್ಥಾನದ ಪ್ರಮುಖ ಆಕಾಂಕ್ಷಿ. ಕುರುಬ ಸಮುದಾಯಕ್ಕೆ ಸೇರಿದವರಾದ ಇವರು ಸಿದ್ದರಾಮಯ್ಯ ಮತ್ತು ಡಿ. ಕೆ. ಶಿವಕುಮಾರ್ ಅವರನ್ನು ಹೈಕಮಾಂಡ್ ಎಂದು ತಿಳಿದುಕೊಂಡವರು. ನಾಲ್ಕು ಬಾರಿ ಶಾಸಕರಾಗಿರುವ ಬಸವರಾಜ ಶಿವಣ್ಣವರ್ ಈ ಬಾರಿ ನನಗೆ ಸಚಿವ ಸ್ಥಾನ ಸಿಕ್ಕೇ ಸಿಗುತ್ತೆ ಎನ್ನುವ ಉಮೇದಿನಲ್ಲಿದ್ದಾರೆ. ಆದರೆ, ಹಾನಗಲ್ ಕ್ಷೇತ್ರದ ಶಾಸಕ ಶ್ರೀನಿವಾಸ ಮಾನೆ ಇವರ ಬಗ್ಗೆ ಮಾತನಾಡಿದ್ದಾರೆ –
